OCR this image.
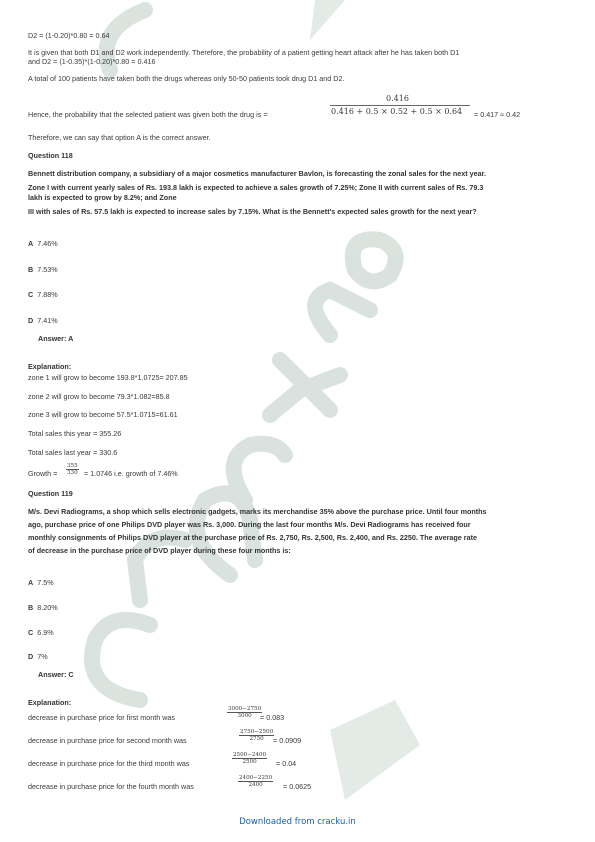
D2 = (1-0.20)*0.80 = 0.64
It is given that both D1 and D2 work independently. Therefore, the probability of a patient getting heart attack after he has taken both D1
and D2 = (1-0.35)*(1-0.20)*0.80 = 0.416
A total of 100 patients have taken both the drugs whereas only 50-50 patients took drug D1 and D2.
Hence, the probability that the selected patient was given both the drug is =
0.416
0.416 + 0.5 × 0.52 + 0.5 × 0.64 = 0.417 ≈ 0.42
Therefore, we can say that option A is the correct answer.
Question 118
Bennett distribution company, a subsidiary of a major cosmetics manufacturer Bavlon, is forecasting the zonal sales for the next year.
Zone I with current yearly sales of Rs. 193.8 lakh is expected to achieve a sales growth of 7.25%; Zone II with current sales of Rs. 79.3
lakh is expected to grow by 8.2%; and Zone
III with sales of Rs. 57.5 lakh is expected to increase sales by 7.15%. What is the Bennett's expected sales growth for the next year?
A 7.46%
B 7.53%
C 7.88%
D 7.41%
Answer: A
Explanation:
zone 1 will grow to become 193.8*1.0725= 207.85
zone 2 will grow to become 79.3*1.082=85.8
zone 3 will grow to become 57.5*1.0715=61.61
Total sales this year = 355.26
Total sales last year = 330.6
Growth = $\frac{355}{330} = 1.0746$ i.e. growth of 7.46%
Question 119
M/s. Devi Radiograms, a shop which sells electronic gadgets, marks its merchandise 35% above the purchase price. Until four months
ago, purchase price of one Philips DVD player was Rs. 3,000. During the last four months M/s. Devi Radiograms has received four
monthly consignments of Philips DVD player at the purchase price of Rs. 2,750, Rs. 2,500, Rs. 2,400, and Rs. 2250. The average rate
of decrease in the purchase price of DVD player during these four months is:
A 7.5%
B 8.20%
C 6.9%
D 7%
Answer: C
Explanation:
decrease in purchase price for first month was	$\frac{3000-2750}{3000}$
= 0.083
decrease in purchase price for second month was	$\frac{2750-2500}{2750}$
= 0.0909
decrease in purchase price for the third month was	$\frac{2500-2400}{2500} = 0.04$
decrease in purchase price for the fourth month was	$\frac{2400-2250}{2400} = 0.0625$
Downloaded from cracku.in
